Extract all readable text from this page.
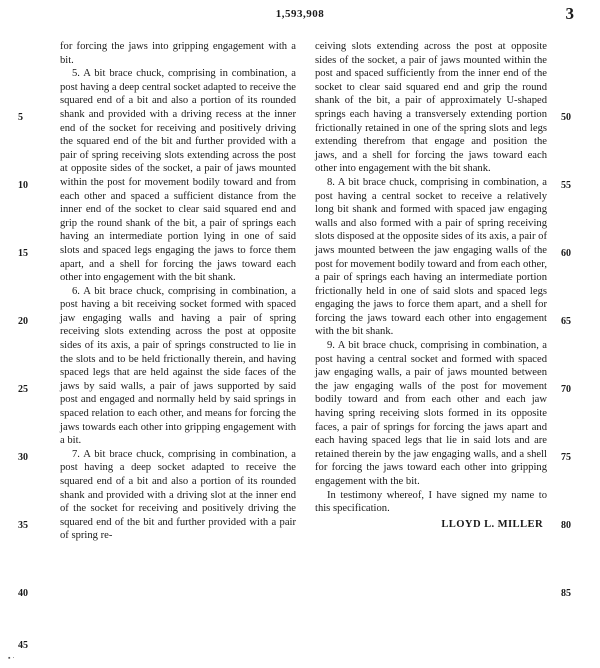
1,593,908	3
5
10
15
20
25
30
35
40
45
50
55
60
65
70
75
80
85

for forcing the jaws into gripping engagement with a bit.

5. A bit brace chuck, comprising in combination, a post having a deep central socket adapted to receive the squared end of a bit and also a portion of its rounded shank and provided with a driving recess at the inner end of the socket for receiving and positively driving the squared end of the bit and further provided with a pair of spring receiving slots extending across the post at opposite sides of the socket, a pair of jaws mounted within the post for movement bodily toward and from each other and spaced a sufficient distance from the inner end of the socket to clear said squared end and grip the round shank of the bit, a pair of springs each having an intermediate portion lying in one of said slots and spaced legs engaging the jaws to force them apart, and a shell for forcing the jaws toward each other into engagement with the bit shank.

6. A bit brace chuck, comprising in combination, a post having a bit receiving socket formed with spaced jaw engaging walls and having a pair of spring receiving slots extending across the post at opposite sides of its axis, a pair of springs constructed to lie in the slots and to be held frictionally therein, and having spaced legs that are held against the side faces of the jaws by said walls, a pair of jaws supported by said post and engaged and normally held by said springs in spaced relation to each other, and means for forcing the jaws towards each other into gripping engagement with a bit.

7. A bit brace chuck, comprising in combination, a post having a deep socket adapted to receive the squared end of a bit and also a portion of its rounded shank and provided with a driving slot at the inner end of the socket for receiving and positively driving the squared end of the bit and further provided with a pair of spring re-

ceiving slots extending across the post at opposite sides of the socket, a pair of jaws mounted within the post and spaced sufficiently from the inner end of the socket to clear said squared end and grip the round shank of the bit, a pair of approximately U-shaped springs each having a transversely extending portion frictionally retained in one of the spring slots and legs extending therefrom that engage and position the jaws, and a shell for forcing the jaws toward each other into engagement with the bit shank.

8. A bit brace chuck, comprising in combination, a post having a central socket to receive a relatively long bit shank and formed with spaced jaw engaging walls and also formed with a pair of spring receiving slots disposed at the opposite sides of its axis, a pair of jaws mounted between the jaw engaging walls of the post for movement bodily toward and from each other, a pair of springs each having an intermediate portion frictionally held in one of said slots and spaced legs engaging the jaws to force them apart, and a shell for forcing the jaws toward each other into engagement with the bit shank.

9. A bit brace chuck, comprising in combination, a post having a central socket and formed with spaced jaw engaging walls, a pair of jaws mounted between the jaw engaging walls of the post for movement bodily toward and from each other and each jaw having spring receiving slots formed in its opposite faces, a pair of springs for forcing the jaws apart and each having spaced legs that lie in said lots and are retained therein by the jaw engaging walls, and a shell for forcing the jaws toward each other into gripping engagement with the bit.

In testimony whereof, I have signed my name to this specification.

LLOYD L. MILLER

▪ ·
